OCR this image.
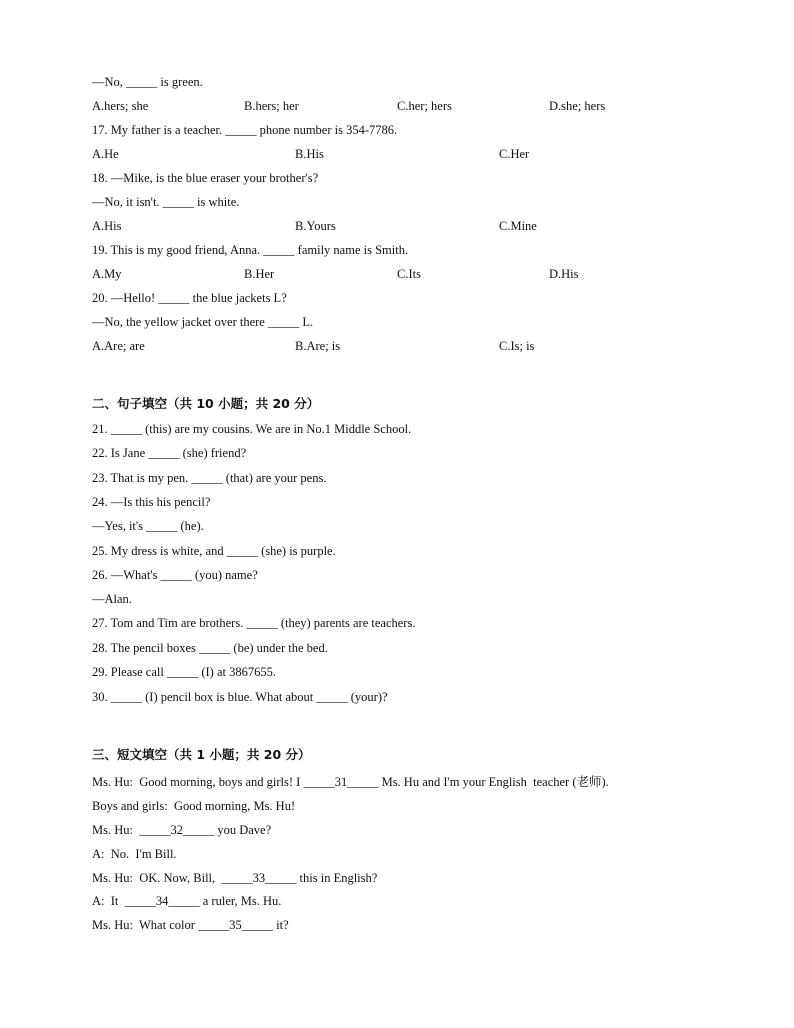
—No, _____ is green.
A.hers; she	B.hers; her	C.her; hers	D.she; hers
17. My father is a teacher. _____ phone number is 354-7786.
A.He	B.His	C.Her
18. —Mike, is the blue eraser your brother's?
—No, it isn't. _____ is white.
A.His	B.Yours	C.Mine
19. This is my good friend, Anna. _____ family name is Smith.
A.My	B.Her	C.Its	D.His
20. —Hello! _____ the blue jackets L?
—No, the yellow jacket over there _____ L.
A.Are; are	B.Are; is	C.Is; is
二、句子填空（共 10 小题；共 20 分）
21. _____ (this) are my cousins. We are in No.1 Middle School.
22. Is Jane _____ (she) friend?
23. That is my pen. _____ (that) are your pens.
24. —Is this his pencil?
—Yes, it's _____ (he).
25. My dress is white, and _____ (she) is purple.
26. —What's _____ (you) name?
—Alan.
27. Tom and Tim are brothers. _____ (they) parents are teachers.
28. The pencil boxes _____ (be) under the bed.
29. Please call _____ (I) at 3867655.
30. _____ (I) pencil box is blue. What about _____ (your)?
三、短文填空（共 1 小题；共 20 分）
Ms. Hu:  Good morning, boys and girls! I _____31_____ Ms. Hu and I'm your English  teacher (老师).
Boys and girls:  Good morning, Ms. Hu!
Ms. Hu:  _____32_____ you Dave?
A:  No.  I'm Bill.
Ms. Hu:  OK. Now, Bill,  _____33_____ this in English?
A:  It  _____34_____ a ruler, Ms. Hu.
Ms. Hu:  What color _____35_____ it?
